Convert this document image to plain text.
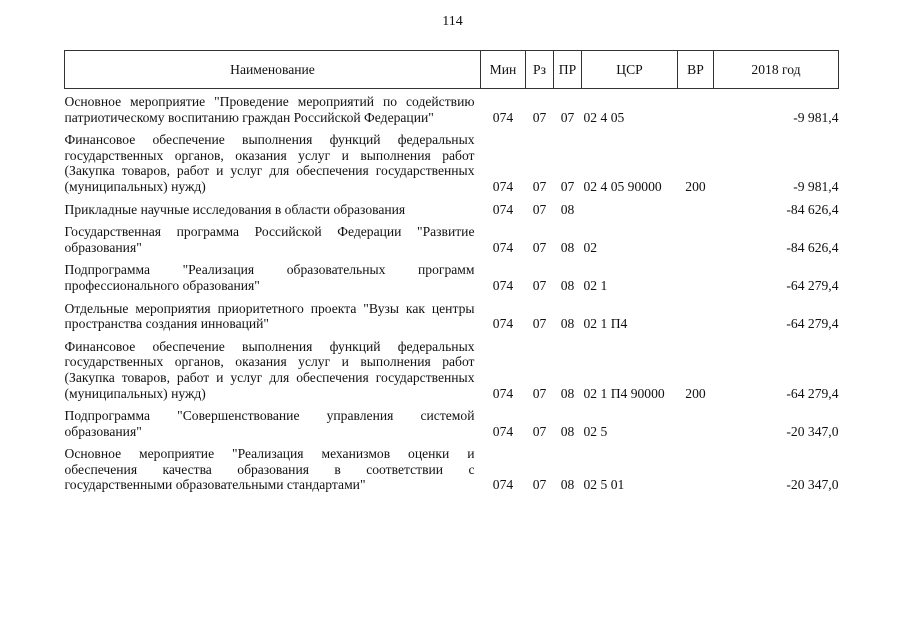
114
Наименование	Мин	Рз	ПР	ЦСР	ВР	2018 год

Основное мероприятие "Проведение мероприятий по содействию патриотическому воспитанию граждан Российской Федерации"	074	07	07	02 4 05		-9 981,4

Финансовое обеспечение выполнения функций федеральных государственных органов, оказания услуг и выполнения работ (Закупка товаров, работ и услуг для обеспечения государственных (муниципальных) нужд)	074	07	07	02 4 05 90000	200	-9 981,4

Прикладные научные исследования в области образования	074	07	08			-84 626,4

Государственная программа Российской Федерации "Развитие образования"	074	07	08	02		-84 626,4

Подпрограмма "Реализация образовательных программ профессионального образования"	074	07	08	02 1		-64 279,4

Отдельные мероприятия приоритетного проекта "Вузы как центры пространства создания инноваций"	074	07	08	02 1 П4		-64 279,4

Финансовое обеспечение выполнения функций федеральных государственных органов, оказания услуг и выполнения работ (Закупка товаров, работ и услуг для обеспечения государственных (муниципальных) нужд)	074	07	08	02 1 П4 90000	200	-64 279,4

Подпрограмма "Совершенствование управления системой образования"	074	07	08	02 5		-20 347,0

Основное мероприятие "Реализация механизмов оценки и обеспечения качества образования в соответствии с государственными образовательными стандартами"	074	07	08	02 5 01		-20 347,0
